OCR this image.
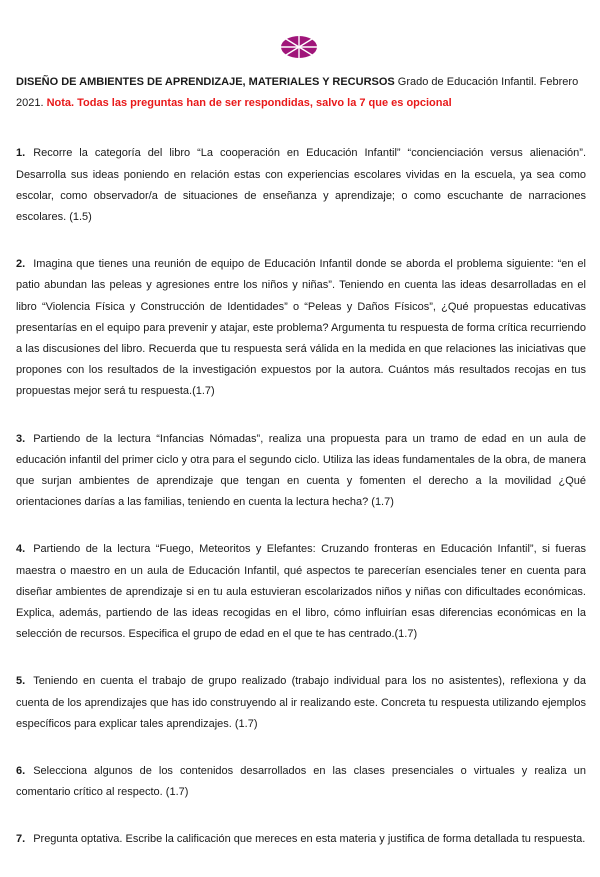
DISEÑO DE AMBIENTES DE APRENDIZAJE, MATERIALES Y RECURSOS Grado de Educación Infantil. Febrero 2021. Nota. Todas las preguntas han de ser respondidas, salvo la 7 que es opcional

1. Recorre la categoría del libro “La cooperación en Educación Infantil” “concienciación versus alienación”. Desarrolla sus ideas poniendo en relación estas con experiencias escolares vividas en la escuela, ya sea como escolar, como observador/a de situaciones de enseñanza y aprendizaje; o como escuchante de narraciones escolares. (1.5)

2. Imagina que tienes una reunión de equipo de Educación Infantil donde se aborda el problema siguiente: “en el patio abundan las peleas y agresiones entre los niños y niñas”. Teniendo en cuenta las ideas desarrolladas en el libro “Violencia Física y Construcción de Identidades” o “Peleas y Daños Físicos”, ¿Qué propuestas educativas presentarías en el equipo para prevenir y atajar, este problema? Argumenta tu respuesta de forma crítica recurriendo a las discusiones del libro. Recuerda que tu respuesta será válida en la medida en que relaciones las iniciativas que propones con los resultados de la investigación expuestos por la autora. Cuántos más resultados recojas en tus propuestas mejor será tu respuesta.(1.7)

3. Partiendo de la lectura “Infancias Nómadas”, realiza una propuesta para un tramo de edad en un aula de educación infantil del primer ciclo y otra para el segundo ciclo. Utiliza las ideas fundamentales de la obra, de manera que surjan ambientes de aprendizaje que tengan en cuenta y fomenten el derecho a la movilidad ¿Qué orientaciones darías a las familias, teniendo en cuenta la lectura hecha? (1.7)

4. Partiendo de la lectura “Fuego, Meteoritos y Elefantes: Cruzando fronteras en Educación Infantil”, si fueras maestra o maestro en un aula de Educación Infantil, qué aspectos te parecerían esenciales tener en cuenta para diseñar ambientes de aprendizaje si en tu aula estuvieran escolarizados niños y niñas con dificultades económicas. Explica, además, partiendo de las ideas recogidas en el libro, cómo influirían esas diferencias económicas en la selección de recursos. Especifica el grupo de edad en el que te has centrado.(1.7)

5. Teniendo en cuenta el trabajo de grupo realizado (trabajo individual para los no asistentes), reflexiona y da cuenta de los aprendizajes que has ido construyendo al ir realizando este. Concreta tu respuesta utilizando ejemplos específicos para explicar tales aprendizajes. (1.7)

6. Selecciona algunos de los contenidos desarrollados en las clases presenciales o virtuales y realiza un comentario crítico al respecto. (1.7)

7. Pregunta optativa. Escribe la calificación que mereces en esta materia y justifica de forma detallada tu respuesta.
